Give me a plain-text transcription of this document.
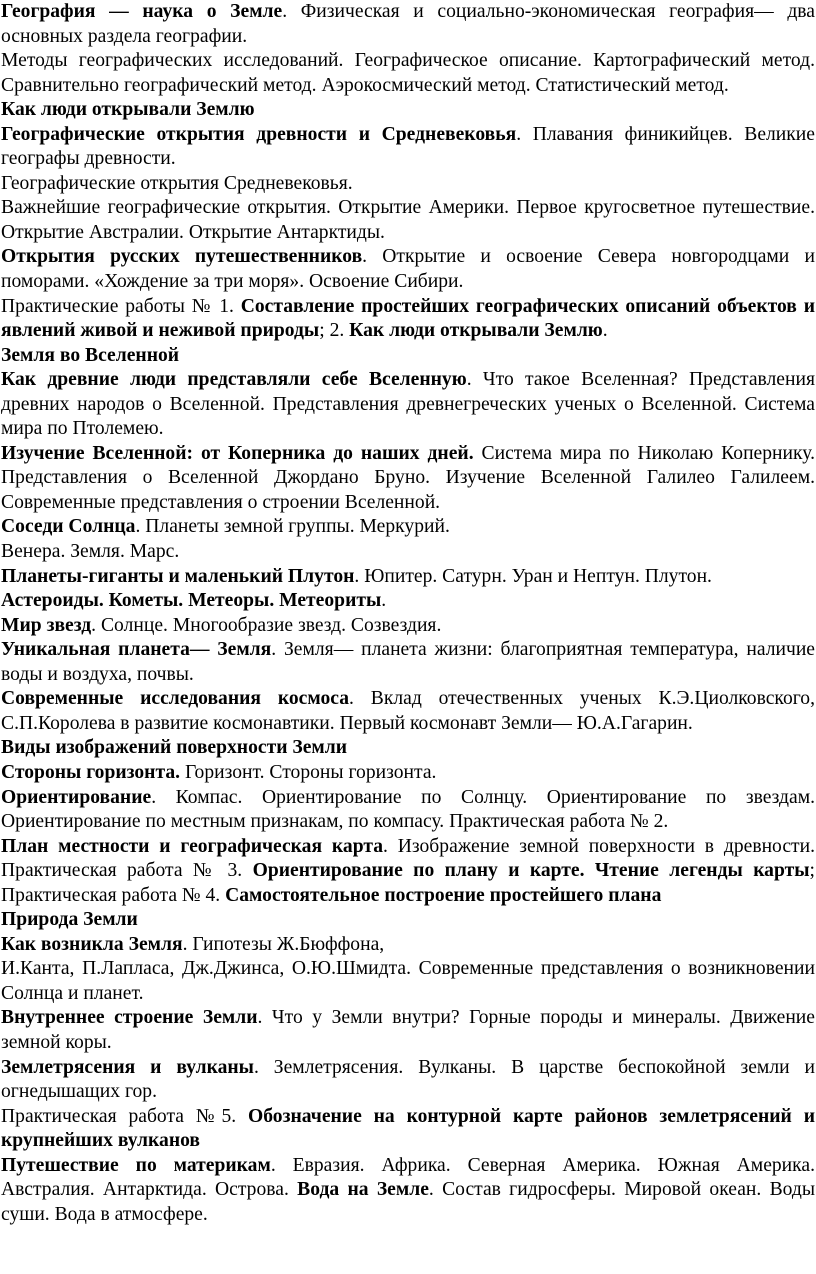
География — наука о Земле. Физическая и социально-экономическая география— два основных раздела географии.

Методы географических исследований. Географическое описание. Картографический метод. Сравнительно географический метод. Аэрокосмический метод. Статистический метод.

Как люди открывали Землю

Географические открытия древности и Средневековья. Плавания финикийцев. Великие географы древности.

Географические открытия Средневековья.

Важнейшие географические открытия. Открытие Америки. Первое кругосветное путешествие. Открытие Австралии. Открытие Антарктиды.

Открытия русских путешественников. Открытие и освоение Севера новгородцами и поморами. «Хождение за три моря». Освоение Сибири.

Практические работы № 1. Составление простейших географических описаний объектов и явлений живой и неживой природы; 2. Как люди открывали Землю.

Земля во Вселенной

Как древние люди представляли себе Вселенную. Что такое Вселенная? Представления древних народов о Вселенной. Представления древнегреческих ученых о Вселенной. Система мира по Птолемею.

Изучение Вселенной: от Коперника до наших дней. Система мира по Николаю Копернику. Представления о Вселенной Джордано Бруно. Изучение Вселенной Галилео Галилеем. Современные представления о строении Вселенной.

Соседи Солнца. Планеты земной группы. Меркурий.

Венера. Земля. Марс.

Планеты-гиганты и маленький Плутон. Юпитер. Сатурн. Уран и Нептун. Плутон.

Астероиды. Кометы. Метеоры. Метеориты.

Мир звезд. Солнце. Многообразие звезд. Созвездия.

Уникальная планета— Земля. Земля— планета жизни: благоприятная температура, наличие воды и воздуха, почвы.

Современные исследования космоса. Вклад отечественных ученых К.Э.Циолковского, С.П.Королева в развитие космонавтики. Первый космонавт Земли— Ю.А.Гагарин.

Виды изображений поверхности Земли

Стороны горизонта. Горизонт. Стороны горизонта.

Ориентирование. Компас. Ориентирование по Солнцу. Ориентирование по звездам. Ориентирование по местным признакам, по компасу. Практическая работа № 2.

План местности и географическая карта. Изображение земной поверхности в древности. Практическая работа № 3. Ориентирование по плану и карте. Чтение легенды карты; Практическая работа № 4. Самостоятельное построение простейшего плана

Природа Земли

Как возникла Земля. Гипотезы Ж.Бюффона,

И.Канта, П.Лапласа, Дж.Джинса, О.Ю.Шмидта. Современные представления о возникновении Солнца и планет.

Внутреннее строение Земли. Что у Земли внутри? Горные породы и минералы. Движение земной коры.

Землетрясения и вулканы. Землетрясения. Вулканы. В царстве беспокойной земли и огнедышащих гор.

Практическая работа №5. Обозначение на контурной карте районов землетрясений и крупнейших вулканов

Путешествие по материкам. Евразия. Африка. Северная Америка. Южная Америка. Австралия. Антарктида. Острова. Вода на Земле. Состав гидросферы. Мировой океан. Воды суши. Вода в атмосфере.
